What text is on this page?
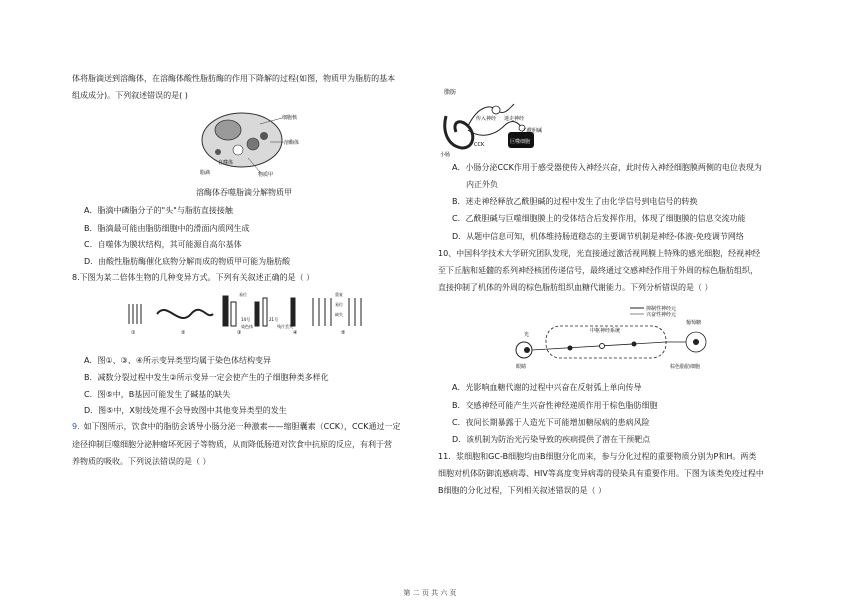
体将脂滴送到溶酶体，在溶酶体酸性脂肪酶的作用下降解的过程(如图，物质甲为脂肪的基本
组成成分)。下列叙述错误的是( )
细胞核
自噬体
溶酶体
脂滴	物质甲
溶酶体吞噬脂滴分解物质甲
A．脂滴中磷脂分子的"头"与脂肪直接接触
B．脂滴最可能由脂肪细胞中的滑面内质网生成
C．自噬体为膜状结构，其可能源自高尔基体
D．由酸性脂肪酶催化底物分解而成的物质甲可能为脂肪酸
8.下图为某二倍体生物的几种变异方式。下列有关叙述正确的是（ ）
①	②	③	④	⑤
14号	21号
染色体
易位
残片丢失
重复
缺失
易位
A．图①、③、④所示变异类型均属于染色体结构变异
B．减数分裂过程中发生②所示变异一定会使产生的子细胞种类多样化
C．图⑤中，B基因可能发生了碱基的缺失
D．图⑤中，X射线处理不会导致图中其他变异类型的发生
9. 如下图所示，饮食中的脂肪会诱导小肠分泌一种激素——缩胆囊素（CCK），CCK通过一定
途径抑制巨噬细胞分泌肿瘤坏死因子等物质，从而降低肠道对饮食中抗原的反应，有利于营
养物质的吸收。下列说法错误的是（ ）
脂肪
传入神经 迷走神经
乙酰胆碱
小肠
CCK	巨噬细胞
A．小肠分泌CCK作用于感受器使传入神经兴奋，此时传入神经细胞膜两侧的电位表现为
内正外负
B．迷走神经释放乙酰胆碱的过程中发生了由化学信号到电信号的转换
C．乙酰胆碱与巨噬细胞膜上的受体结合后发挥作用，体现了细胞膜的信息交流功能
D．从题中信息可知，机体维持肠道稳态的主要调节机制是神经-体液-免疫调节网络
10、中国科学技术大学研究团队发现，光直接通过激活视网膜上特殊的感光细胞，经视神经
至下丘脑和延髓的系列神经核团传递信号，最终通过交感神经作用于外周的棕色脂肪组织，
直接抑制了机体的外周的棕色脂肪组织血糖代谢能力。下列分析错误的是（ ）
抑制性神经元
兴奋性神经元
光
中枢神经系统
葡萄糖
眼睛	棕色脂肪细胞
A．光影响血糖代谢的过程中兴奋在反射弧上单向传导
B．交感神经可能产生兴奋性神经递质作用于棕色脂肪细胞
C．夜间长期暴露于人造光下可能增加糖尿病的患病风险
D．该机制为防治光污染导致的疾病提供了潜在干预靶点
11．浆细胞和GC-B细胞均由B细胞分化而来，参与分化过程的重要物质分别为P和H。两类
细胞对机体防御流感病毒、HIV等高度变异病毒的侵染具有重要作用。下图为该类免疫过程中
B细胞的分化过程，下列相关叙述错误的是（ ）
第 二 页 共 六 页
